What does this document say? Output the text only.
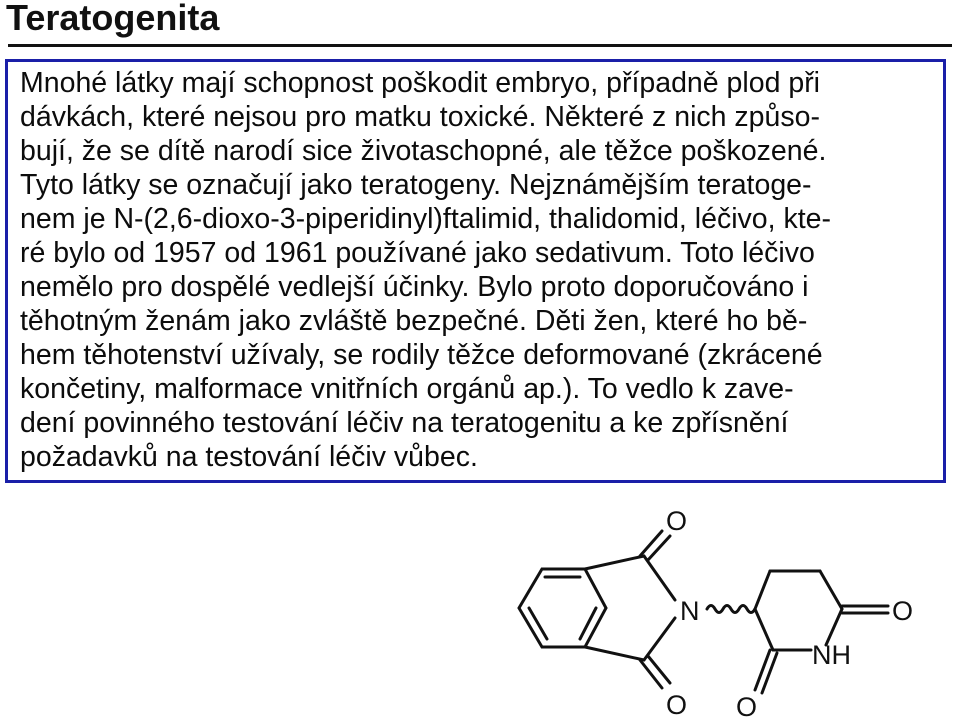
Teratogenita
Mnohé látky mají schopnost poškodit embryo, případně plod při
dávkách, které nejsou pro matku toxické. Některé z nich způso-
bují, že se dítě narodí sice životaschopné, ale těžce poškozené.
Tyto látky se označují jako teratogeny. Nejznámějším teratoge-
nem je N-(2,6-dioxo-3-piperidinyl)ftalimid, thalidomid, léčivo, kte-
ré bylo od 1957 od 1961 používané jako sedativum. Toto léčivo
nemělo pro dospělé vedlejší účinky. Bylo proto doporučováno i
těhotným ženám jako zvláště bezpečné. Děti žen, které ho bě-
hem těhotenství užívaly, se rodily těžce deformované (zkrácené
končetiny, malformace vnitřních orgánů ap.). To vedlo k zave-
dení povinného testování léčiv na teratogenitu a ke zpřísnění
požadavků na testování léčiv vůbec.
O
O
N	O
O
NH
